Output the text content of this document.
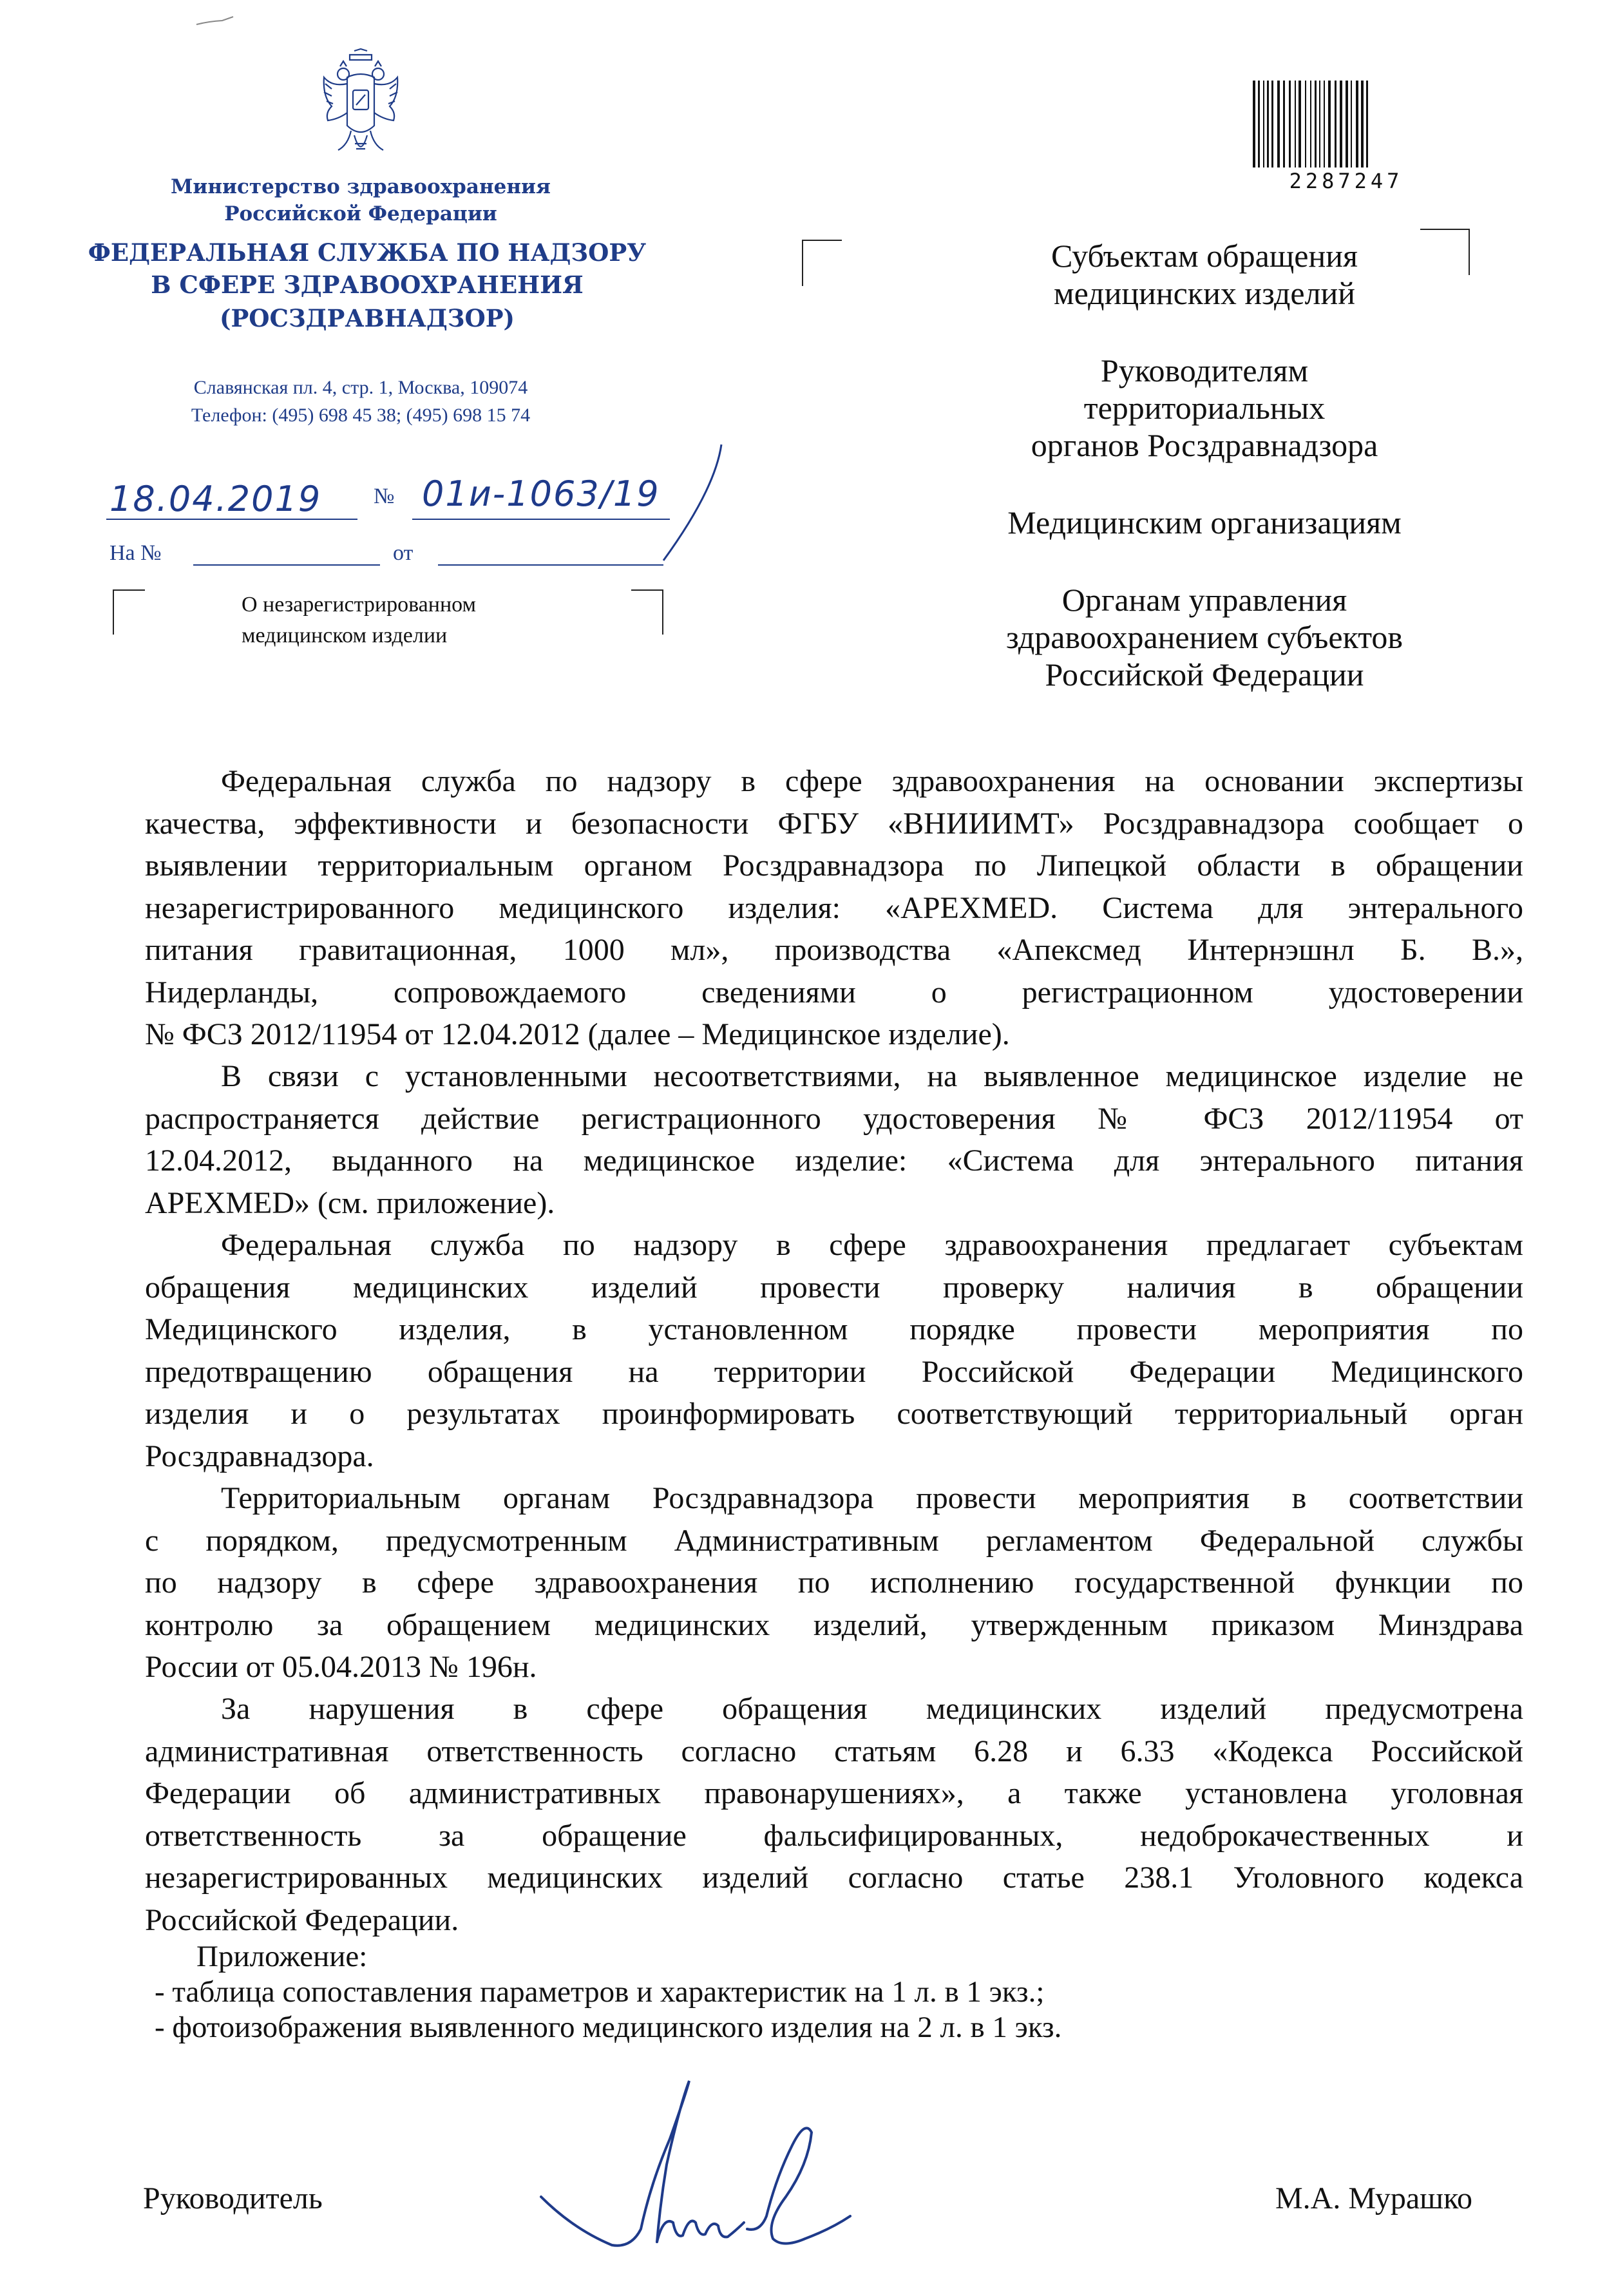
Министерство здравоохранения
Российской Федерации
ФЕДЕРАЛЬНАЯ СЛУЖБА ПО НАДЗОРУ
В СФЕРЕ ЗДРАВООХРАНЕНИЯ
(РОСЗДРАВНАДЗОР)
Славянская пл. 4, стр. 1, Москва, 109074
Телефон: (495) 698 45 38; (495) 698 15 74
18.04.2019 № 01и-1063/19
На №	от
О незарегистрированном
медицинском изделии
2287247
Субъектам обращения
медицинских изделий
Руководителям
территориальных
органов Росздравнадзора
Медицинским организациям
Органам управления
здравоохранением субъектов
Российской Федерации
Федеральная служба по надзору в сфере здравоохранения на основании экспертизы
качества, эффективности и безопасности ФГБУ «ВНИИИМТ» Росздравнадзора сообщает о
выявлении территориальным органом Росздравнадзора по Липецкой области в обращении
незарегистрированного медицинского изделия: «APEXMED. Система для энтерального
питания гравитационная, 1000 мл», производства «Апексмед Интернэшнл Б. В.»,
Нидерланды, сопровождаемого сведениями о регистрационном удостоверении
№ ФСЗ 2012/11954 от 12.04.2012 (далее – Медицинское изделие).
В связи с установленными несоответствиями, на выявленное медицинское изделие не
распространяется действие регистрационного удостоверения № ФСЗ 2012/11954 от
12.04.2012, выданного на медицинское изделие: «Система для энтерального питания
APEXMED» (см. приложение).
Федеральная служба по надзору в сфере здравоохранения предлагает субъектам
обращения медицинских изделий провести проверку наличия в обращении
Медицинского изделия, в установленном порядке провести мероприятия по
предотвращению обращения на территории Российской Федерации Медицинского
изделия и о результатах проинформировать соответствующий территориальный орган
Росздравнадзора.
Территориальным органам Росздравнадзора провести мероприятия в соответствии
с порядком, предусмотренным Административным регламентом Федеральной службы
по надзору в сфере здравоохранения по исполнению государственной функции по
контролю за обращением медицинских изделий, утвержденным приказом Минздрава
России от 05.04.2013 № 196н.
За нарушения в сфере обращения медицинских изделий предусмотрена
административная ответственность согласно статьям 6.28 и 6.33 «Кодекса Российской
Федерации об административных правонарушениях», а также установлена уголовная
ответственность за обращение фальсифицированных, недоброкачественных и
незарегистрированных медицинских изделий согласно статье 238.1 Уголовного кодекса
Российской Федерации.
Приложение:
- таблица сопоставления параметров и характеристик на 1 л. в 1 экз.;
- фотоизображения выявленного медицинского изделия на 2 л. в 1 экз.
Руководитель	М.А. Мурашко
